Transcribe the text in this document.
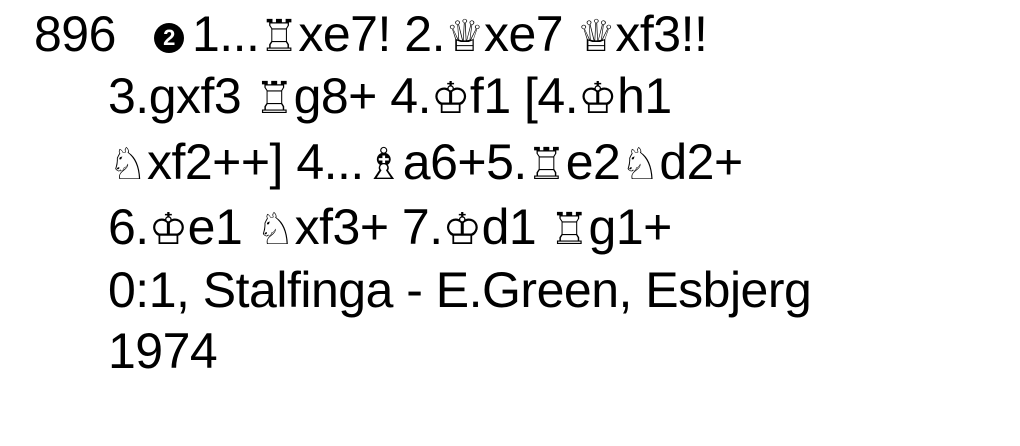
896 2 1...♖xe7! 2.♕xe7 ♕xf3!!
3.gxf3 ♖g8+ 4.♔f1 [4.♔h1
♘xf2++] 4...♗a6+5.♖e2♘d2+
6.♔e1 ♘xf3+ 7.♔d1 ♖g1+
0:1, Stalfinga - E.Green, Esbjerg
1974
